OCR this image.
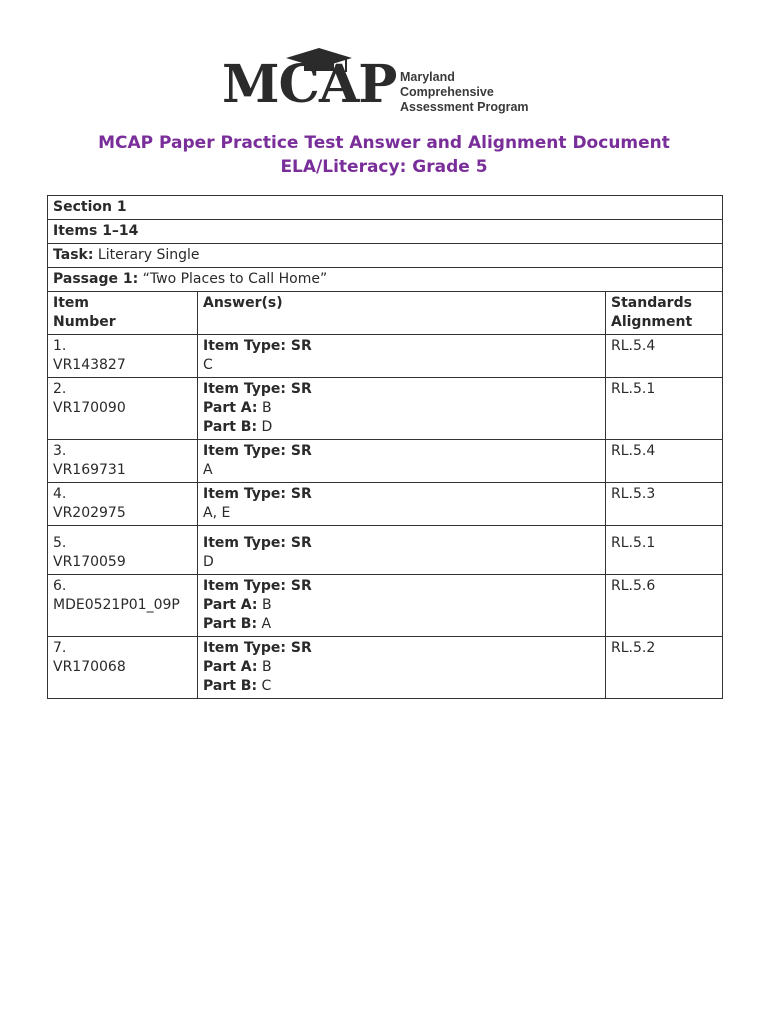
MCAP Maryland Comprehensive
Assessment Program
MCAP Paper Practice Test Answer and Alignment Document
ELA/Literacy: Grade 5
Section 1		
Items 1–14		
Task: Literary Single		
Passage 1: “Two Places to Call Home”		

Item
Number	Answer(s)	Standards
Alignment

1.
VR143827	Item Type: SR
C	RL.5.4

2.
VR170090	Item Type: SR
Part A: B
Part B: D	RL.5.1

3.
VR169731	Item Type: SR
A	RL.5.4

4.
VR202975	Item Type: SR
A, E	RL.5.3

5.
VR170059	Item Type: SR
D	RL.5.1

6.
MDE0521P01_09P	Item Type: SR
Part A: B
Part B: A	RL.5.6

7.
VR170068	Item Type: SR
Part A: B
Part B: C	RL.5.2
